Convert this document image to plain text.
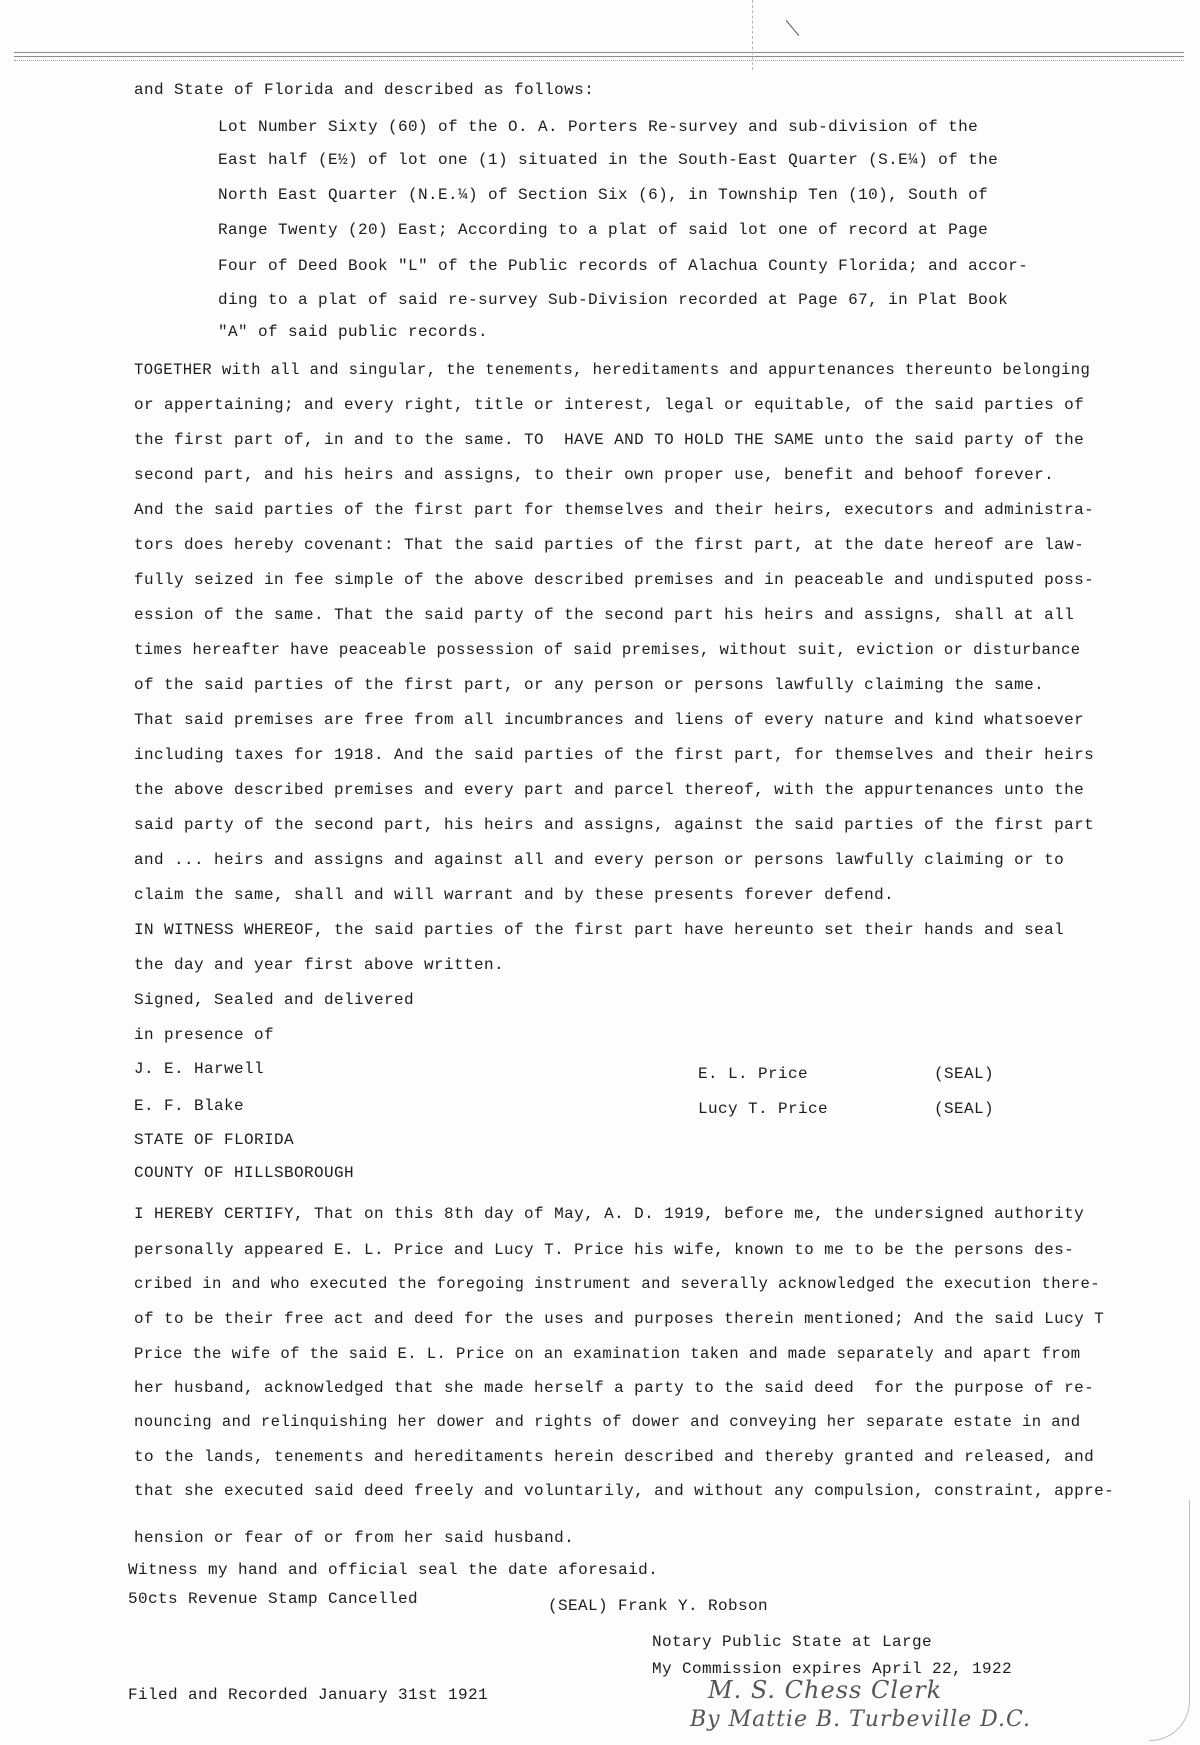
and State of Florida and described as follows:
Lot Number Sixty (60) of the O. A. Porters Re-survey and sub-division of the
East half (E½) of lot one (1) situated in the South-East Quarter (S.E¼) of the
North East Quarter (N.E.¼) of Section Six (6), in Township Ten (10), South of
Range Twenty (20) East; According to a plat of said lot one of record at Page
Four of Deed Book "L" of the Public records of Alachua County Florida; and accor-
ding to a plat of said re-survey Sub-Division recorded at Page 67, in Plat Book
"A" of said public records.
TOGETHER with all and singular, the tenements, hereditaments and appurtenances thereunto belonging
or appertaining; and every right, title or interest, legal or equitable, of the said parties of
the first part of, in and to the same. TO  HAVE AND TO HOLD THE SAME unto the said party of the
second part, and his heirs and assigns, to their own proper use, benefit and behoof forever.
And the said parties of the first part for themselves and their heirs, executors and administra-
tors does hereby covenant: That the said parties of the first part, at the date hereof are law-
fully seized in fee simple of the above described premises and in peaceable and undisputed poss-
ession of the same. That the said party of the second part his heirs and assigns, shall at all
times hereafter have peaceable possession of said premises, without suit, eviction or disturbance
of the said parties of the first part, or any person or persons lawfully claiming the same.
That said premises are free from all incumbrances and liens of every nature and kind whatsoever
including taxes for 1918. And the said parties of the first part, for themselves and their heirs
the above described premises and every part and parcel thereof, with the appurtenances unto the
said party of the second part, his heirs and assigns, against the said parties of the first part
and ... heirs and assigns and against all and every person or persons lawfully claiming or to
claim the same, shall and will warrant and by these presents forever defend.
IN WITNESS WHEREOF, the said parties of the first part have hereunto set their hands and seal
the day and year first above written.
Signed, Sealed and delivered
in presence of
J. E. Harwell
E. F. Blake
E. L. Price	(SEAL)
Lucy T. Price	(SEAL)
STATE OF FLORIDA
COUNTY OF HILLSBOROUGH
I HEREBY CERTIFY, That on this 8th day of May, A. D. 1919, before me, the undersigned authority
personally appeared E. L. Price and Lucy T. Price his wife, known to me to be the persons des-
cribed in and who executed the foregoing instrument and severally acknowledged the execution there-
of to be their free act and deed for the uses and purposes therein mentioned; And the said Lucy T
Price the wife of the said E. L. Price on an examination taken and made separately and apart from
her husband, acknowledged that she made herself a party to the said deed  for the purpose of re-
nouncing and relinquishing her dower and rights of dower and conveying her separate estate in and
to the lands, tenements and hereditaments herein described and thereby granted and released, and
that she executed said deed freely and voluntarily, and without any compulsion, constraint, appre-
hension or fear of or from her said husband.
Witness my hand and official seal the date aforesaid.
50cts Revenue Stamp Cancelled	(SEAL) Frank Y. Robson
Notary Public State at Large
My Commission expires April 22, 1922
Filed and Recorded January 31st 1921	M. S. Chess Clerk
By Mattie B. Turbeville D.C.
